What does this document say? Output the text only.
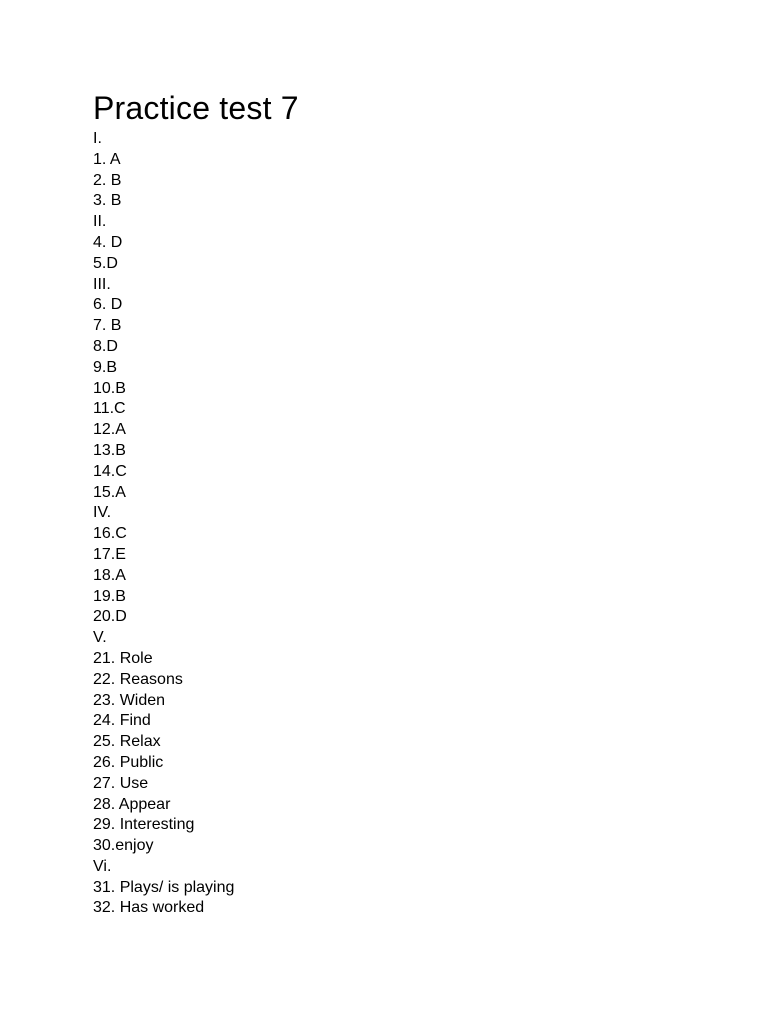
Practice test 7
I.
1. A
2. B
3. B
II.
4. D
5.D
III.
6. D
7. B
8.D
9.B
10.B
11.C
12.A
13.B
14.C
15.A
IV.
16.C
17.E
18.A
19.B
20.D
V.
21. Role
22. Reasons
23. Widen
24. Find
25. Relax
26. Public
27. Use
28. Appear
29. Interesting
30.enjoy
Vi.
31. Plays/ is playing
32. Has worked
